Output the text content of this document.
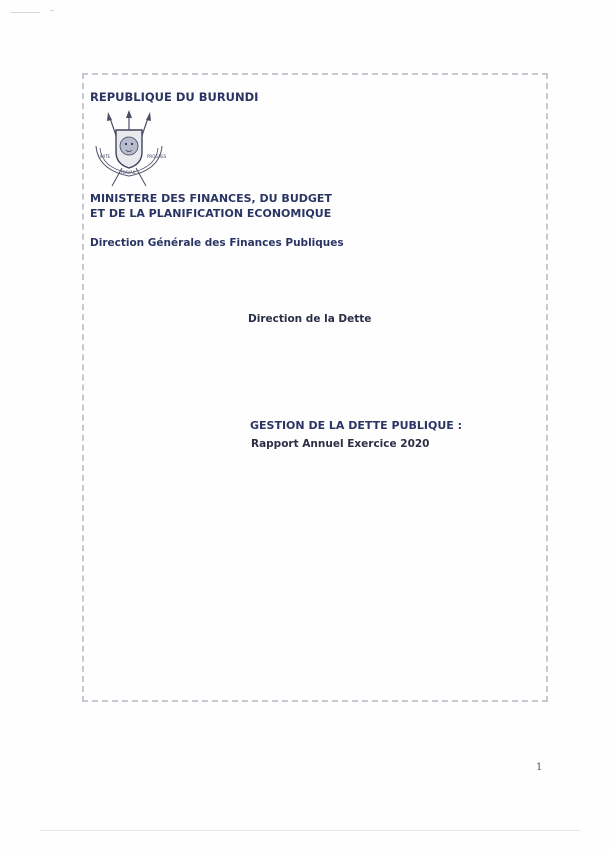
REPUBLIQUE DU BURUNDI
UNITE
TRAVAIL
PROGRES
MINISTERE DES FINANCES, DU BUDGET
ET DE LA PLANIFICATION ECONOMIQUE
Direction Générale des Finances Publiques
Direction de la Dette
GESTION DE LA DETTE PUBLIQUE :
Rapport Annuel Exercice 2020
1
